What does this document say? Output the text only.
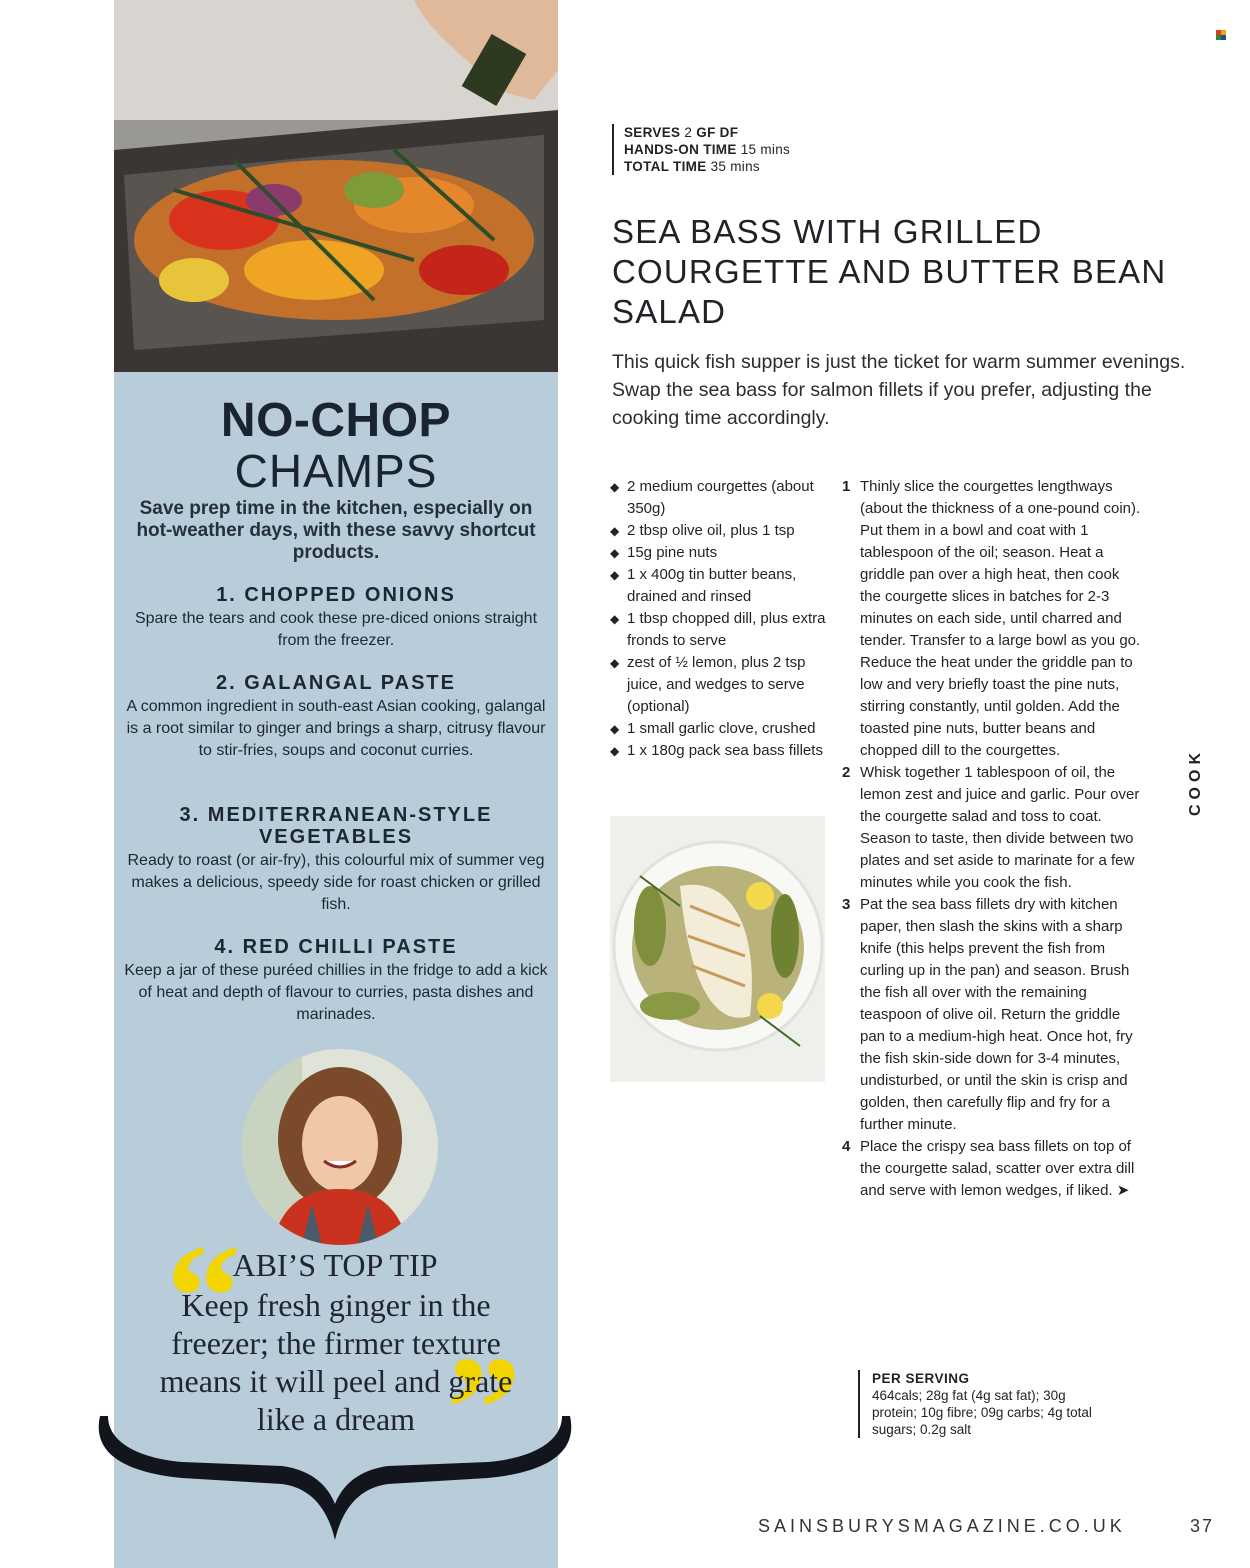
NO-CHOP
CHAMPS
Save prep time in the kitchen, especially on hot-weather days, with these savvy shortcut products.
1. CHOPPED ONIONS
Spare the tears and cook these pre-diced onions straight from the freezer.
2. GALANGAL PASTE
A common ingredient in south-east Asian cooking, galangal is a root similar to ginger and brings a sharp, citrusy flavour to stir-fries, soups and coconut curries.
3. MEDITERRANEAN-STYLE VEGETABLES
Ready to roast (or air-fry), this colourful mix of summer veg makes a delicious, speedy side for roast chicken or grilled fish.
4. RED CHILLI PASTE
Keep a jar of these puréed chillies in the fridge to add a kick of heat and depth of flavour to curries, pasta dishes and marinades.
“
”
ABI’S TOP TIP
Keep fresh ginger in the freezer; the firmer texture means it will peel and grate like a dream
SERVES 2 GF DF
HANDS-ON TIME 15 mins
TOTAL TIME 35 mins
SEA BASS WITH GRILLED COURGETTE AND BUTTER BEAN SALAD
This quick fish supper is just the ticket for warm summer evenings. Swap the sea bass for salmon fillets if you prefer, adjusting the cooking time accordingly.
◆ 2 medium courgettes (about 350g)
◆ 2 tbsp olive oil, plus 1 tsp
◆ 15g pine nuts
◆ 1 x 400g tin butter beans, drained and rinsed
◆ 1 tbsp chopped dill, plus extra fronds to serve
◆ zest of ½ lemon, plus 2 tsp juice, and wedges to serve (optional)
◆ 1 small garlic clove, crushed
◆ 1 x 180g pack sea bass fillets
1 Thinly slice the courgettes lengthways (about the thickness of a one-pound coin). Put them in a bowl and coat with 1 tablespoon of the oil; season. Heat a griddle pan over a high heat, then cook the courgette slices in batches for 2-3 minutes on each side, until charred and tender. Transfer to a large bowl as you go. Reduce the heat under the griddle pan to low and very briefly toast the pine nuts, stirring constantly, until golden. Add the toasted pine nuts, butter beans and chopped dill to the courgettes.
2 Whisk together 1 tablespoon of oil, the lemon zest and juice and garlic. Pour over the courgette salad and toss to coat. Season to taste, then divide between two plates and set aside to marinate for a few minutes while you cook the fish.
3 Pat the sea bass fillets dry with kitchen paper, then slash the skins with a sharp knife (this helps prevent the fish from curling up in the pan) and season. Brush the fish all over with the remaining teaspoon of olive oil. Return the griddle pan to a medium-high heat. Once hot, fry the fish skin-side down for 3-4 minutes, undisturbed, or until the skin is crisp and golden, then carefully flip and fry for a further minute.
4 Place the crispy sea bass fillets on top of the courgette salad, scatter over extra dill and serve with lemon wedges, if liked. ➤
COOK
PER SERVING
464cals; 28g fat (4g sat fat); 30g protein; 10g fibre; 09g carbs; 4g total sugars; 0.2g salt
SAINSBURYSMAGAZINE.CO.UK	37
